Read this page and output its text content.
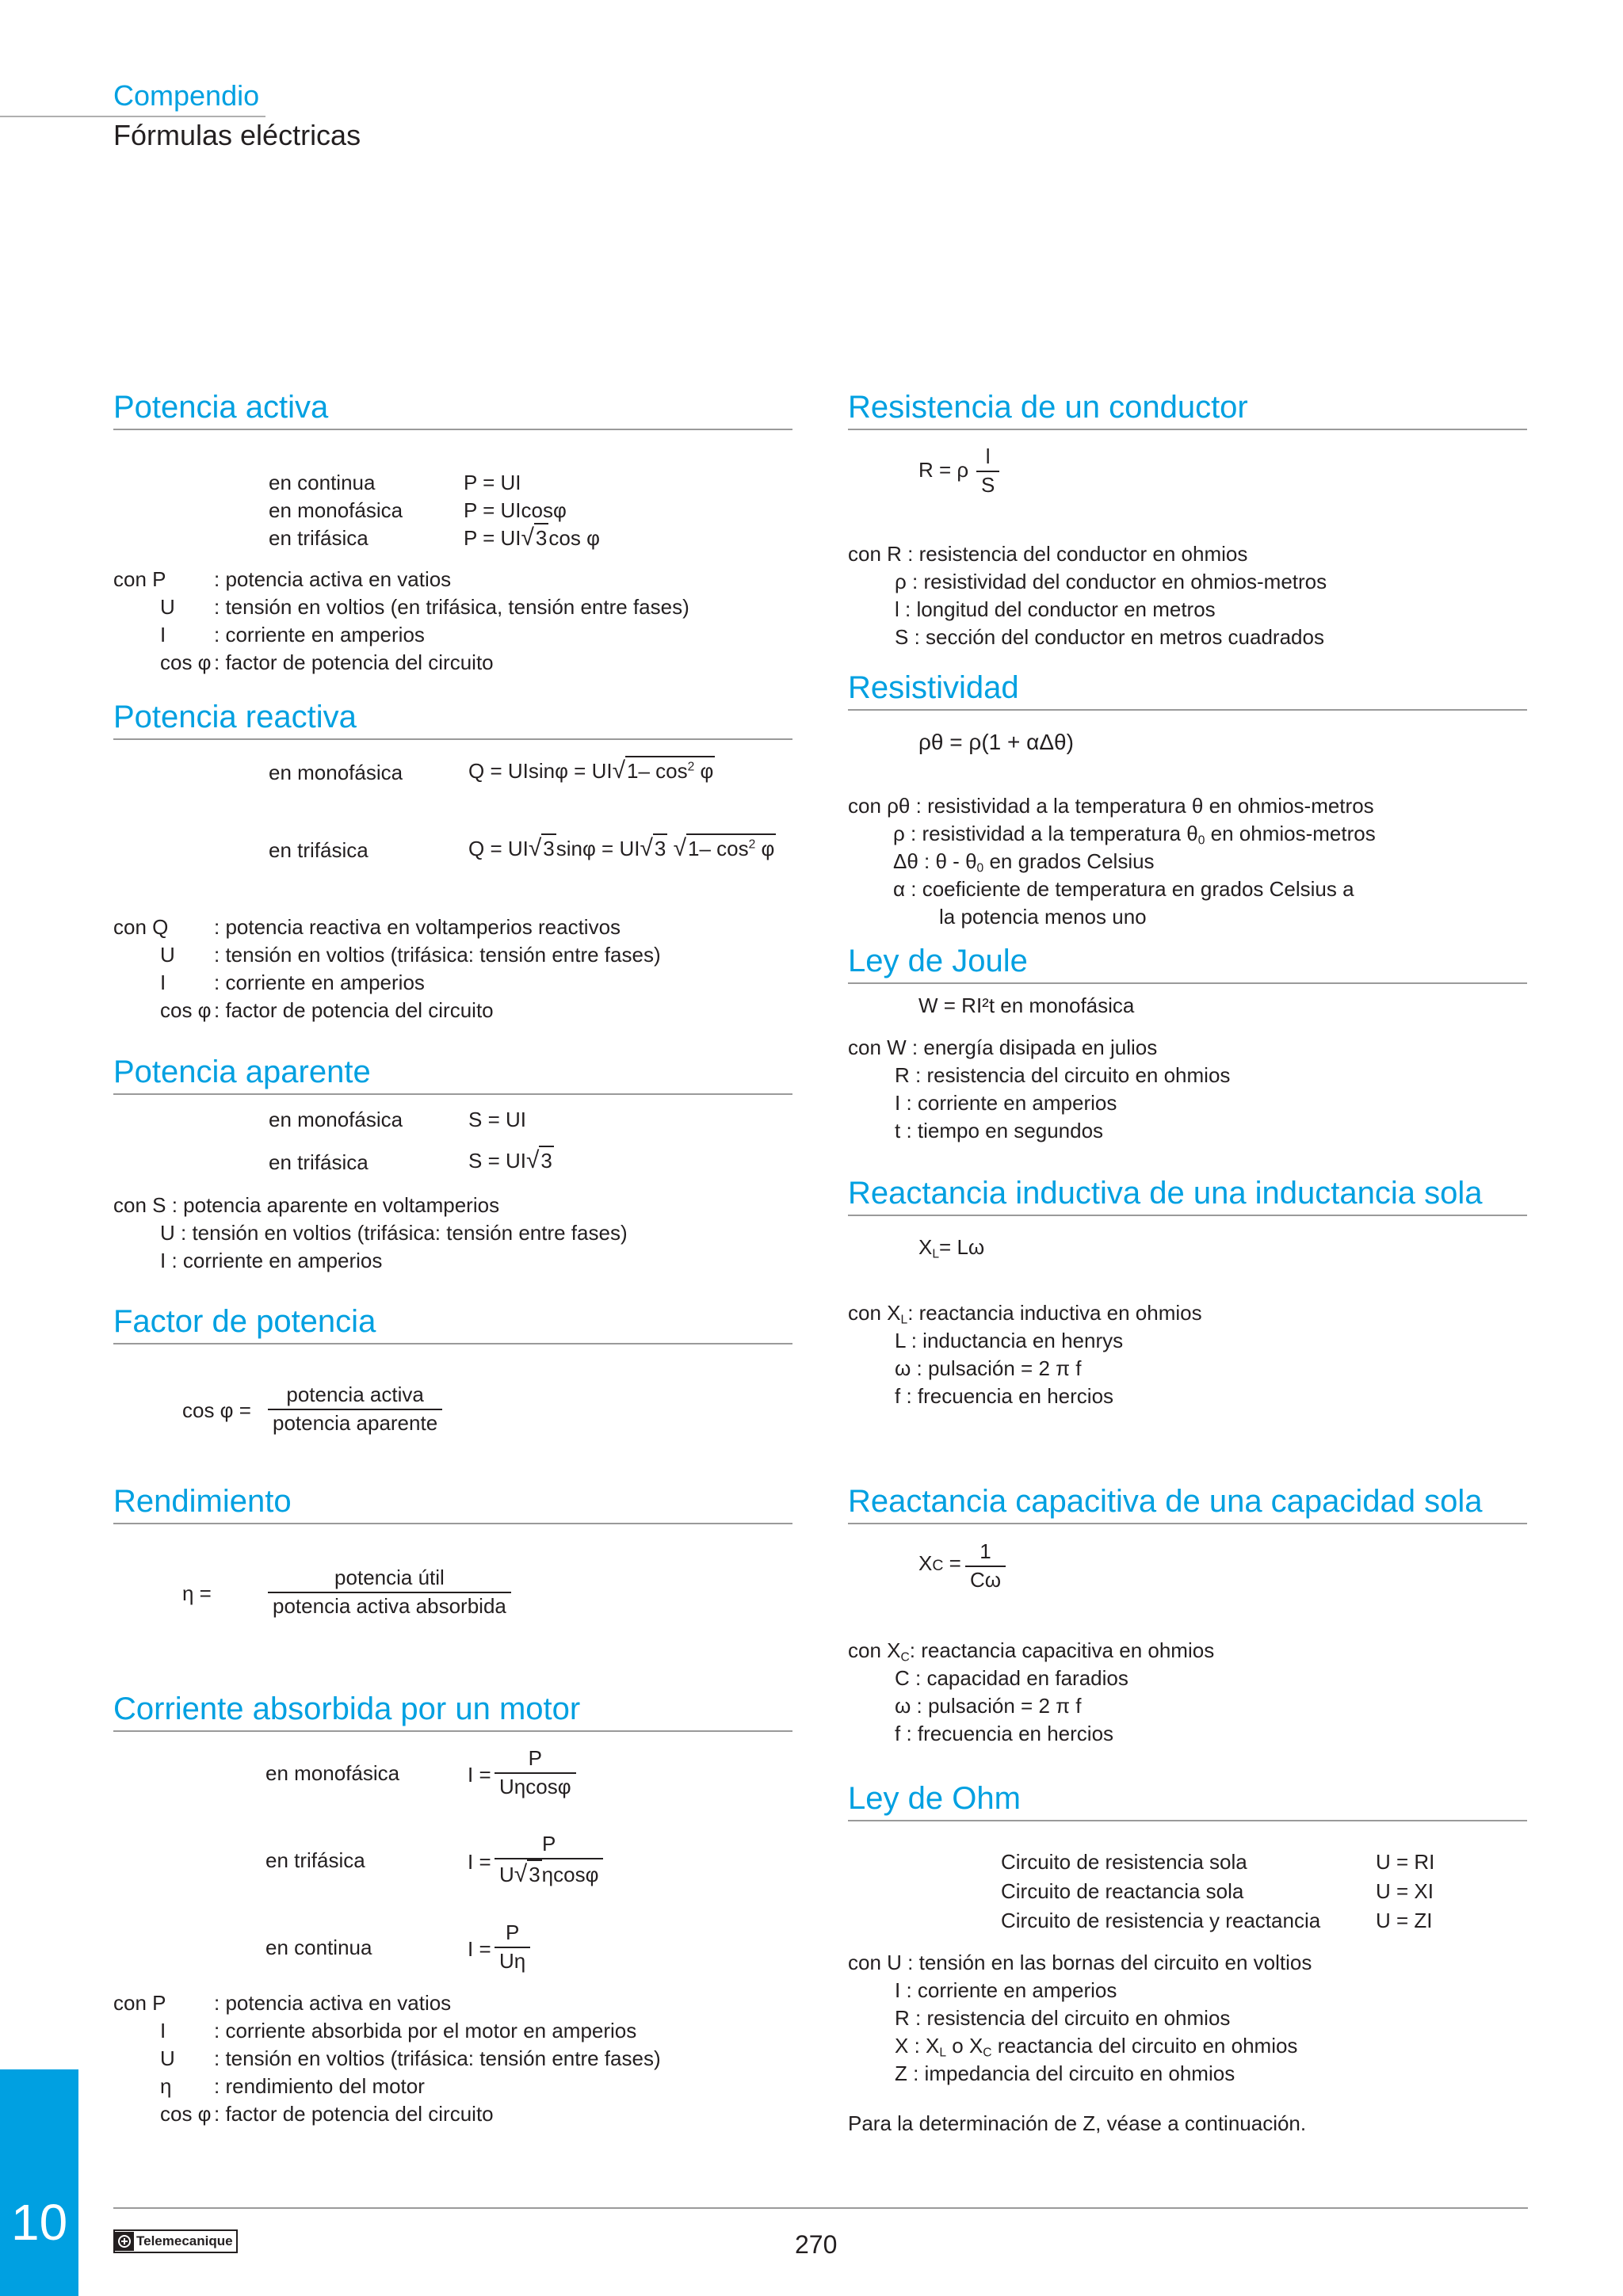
Compendio
Fórmulas eléctricas
Potencia activa
en continua	P = UI
en monofásica	P = UIcosφ
en trifásica	P = UI√3cos φ
con P : potencia activa en vatios
U : tensión en voltios (en trifásica, tensión entre fases)
I : corriente en amperios
cos φ : factor de potencia del circuito
Potencia reactiva
en monofásica	Q = UIsinφ = UI√1– $\cos^2 \varphi$
en trifásica	Q = UI√3sinφ = UI√3 √1– $\cos^2 \varphi$
con Q : potencia reactiva en voltamperios reactivos
U : tensión en voltios (trifásica: tensión entre fases)
I : corriente en amperios
cos φ : factor de potencia del circuito
Potencia aparente
en monofásica	S = UI
en trifásica	S = UI√3
con S : potencia aparente en voltamperios
U : tensión en voltios (trifásica: tensión entre fases)
I : corriente en amperios
Factor de potencia
cos φ =
potencia activa
potencia aparente
Rendimiento
η =
potencia útil
potencia activa absorbida
Corriente absorbida por un motor
en monofásica	$I = \frac{P}{U\eta\cos\varphi}$
en trifásica	$I = \frac{P}{U√3\eta\cos\varphi}$
en continua	$I = \frac{P}{U\eta}$
con P : potencia activa en vatios
I : corriente absorbida por el motor en amperios
U : tensión en voltios (trifásica: tensión entre fases)
η : rendimiento del motor
cos φ : factor de potencia del circuito
Resistencia de un conductor
R = ρ $\frac{l}{S}$
con R : resistencia del conductor en ohmios
ρ : resistividad del conductor en ohmios-metros
l : longitud del conductor en metros
S : sección del conductor en metros cuadrados
Resistividad
ρθ = ρ(1 + αΔθ)
con ρθ : resistividad a la temperatura θ en ohmios-metros
ρ : resistividad a la temperatura $\theta_0$ en ohmios-metros
Δθ : θ - $\theta_0$ en grados Celsius
α : coeficiente de temperatura en grados Celsius a
la potencia menos uno
Ley de Joule
W = RI²t en monofásica
con W : energía disipada en julios
R : resistencia del circuito en ohmios
I : corriente en amperios
t : tiempo en segundos
Reactancia inductiva de una inductancia sola
$X_L= L\omega$
con $X_L$: reactancia inductiva en ohmios
L : inductancia en henrys
ω : pulsación = 2 π f
f : frecuencia en hercios
Reactancia capacitiva de una capacidad sola
XC = $\frac{1}{C\omega}$
con $X_C$: reactancia capacitiva en ohmios
C : capacidad en faradios
ω : pulsación = 2 π f
f : frecuencia en hercios
Ley de Ohm
Circuito de resistencia sola	U = RI
Circuito de reactancia sola	U = XI
Circuito de resistencia y reactancia	U = ZI
con U : tensión en las bornas del circuito en voltios
I : corriente en amperios
R : resistencia del circuito en ohmios
X : $X_L$ o $X_C$ reactancia del circuito en ohmios
Z : impedancia del circuito en ohmios
Para la determinación de Z, véase a continuación.
10	Telemecanique	270
